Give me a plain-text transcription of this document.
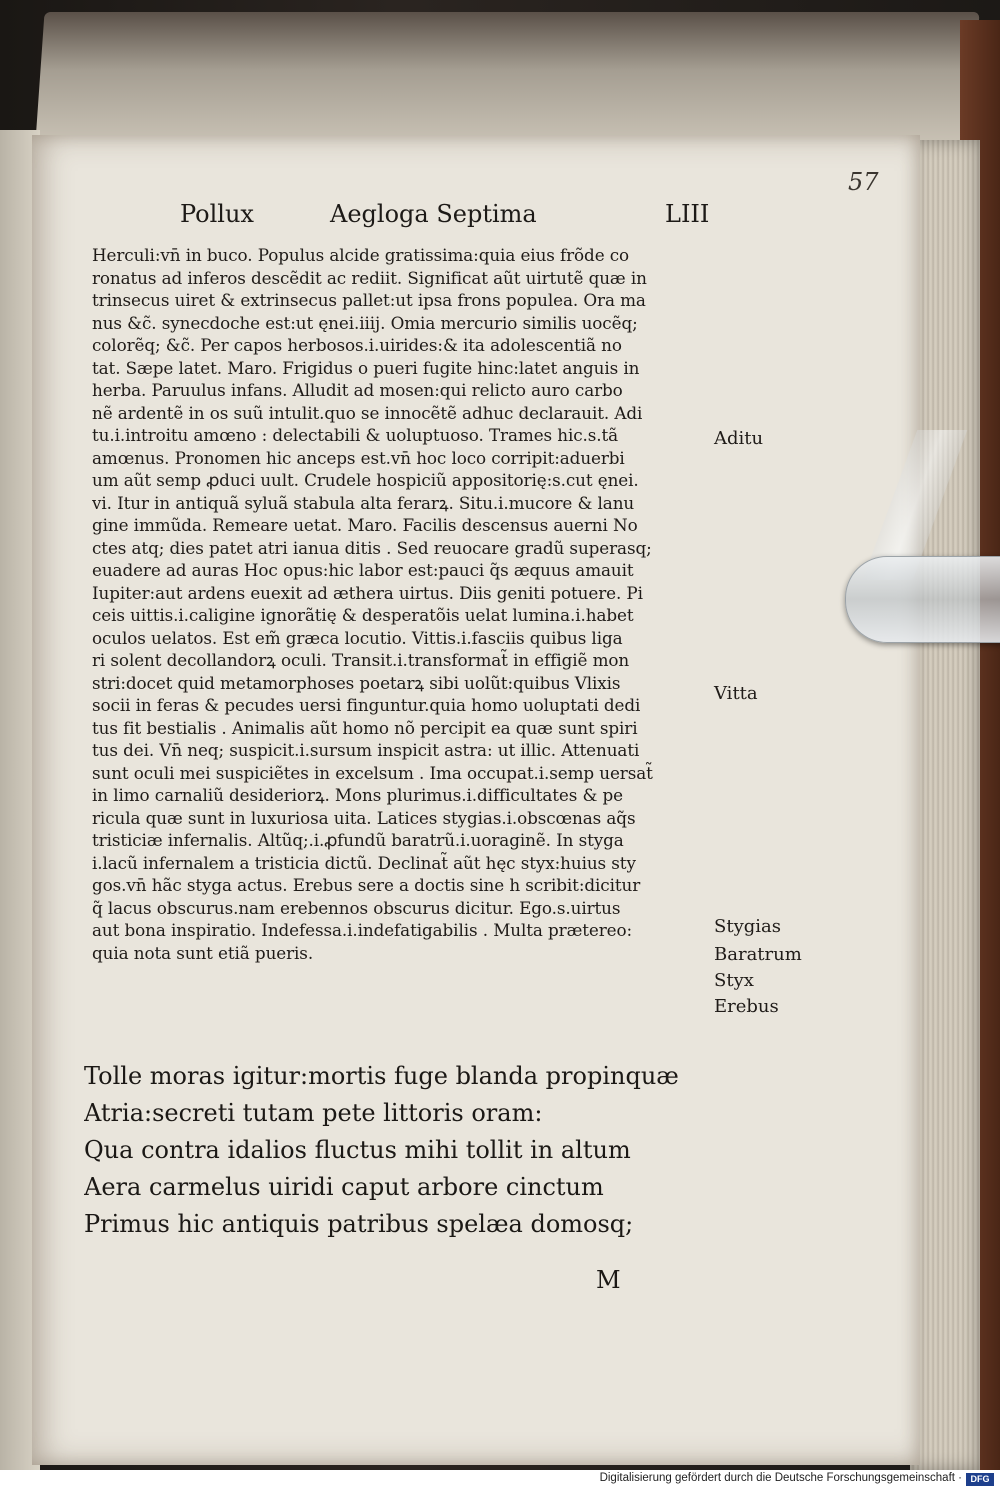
57
Pollux	Aegloga Septima	LIII
Herculi:vn̄ in buco. Populus alcide gratissima:quia eius frõde co
ronatus ad inferos descẽdit ac rediit. Significat aũt uirtutẽ quæ in
trinsecus uiret & extrinsecus pallet:ut ipsa frons populea. Ora ma
nus &c̃. synecdoche est:ut ęnei.iiij. Omia mercurio similis uocẽq;
colorẽq; &c̃. Per capos herbosos.i.uirides:& ita adolescentiã no
tat. Sæpe latet. Maro. Frigidus o pueri fugite hinc:latet anguis in
herba. Paruulus infans. Alludit ad mosen:qui relicto auro carbo
nẽ ardentẽ in os suũ intulit.quo se innocẽtẽ adhuc declarauit. Adi
tu.i.introitu amœno : delectabili & uoluptuoso. Trames hic.s.tã
amœnus. Pronomen hic anceps est.vn̄ hoc loco corripit:aduerbi
um aũt semp ꝓduci uult. Crudele hospiciũ appositorię:s.cut ęnei.
vi. Itur in antiquã syluã stabula alta ferarꝝ. Situ.i.mucore & lanu
gine immũda. Remeare uetat. Maro. Facilis descensus auerni No
ctes atq; dies patet atri ianua ditis . Sed reuocare gradũ superasq;
euadere ad auras Hoc opus:hic labor est:pauci q̃s æquus amauit
Iupiter:aut ardens euexit ad æthera uirtus. Diis geniti potuere. Pi
ceis uittis.i.caligine ignorãtię & desperatõis uelat lumina.i.habet
oculos uelatos. Est em̃ græca locutio. Vittis.i.fasciis quibus liga
ri solent decollandorꝝ oculi. Transit.i.transformat̃ in effigiẽ mon
stri:docet quid metamorphoses poetarꝝ sibi uolũt:quibus Vlixis
socii in feras & pecudes uersi finguntur.quia homo uoluptati dedi
tus fit bestialis . Animalis aũt homo nõ percipit ea quæ sunt spiri
tus dei. Vn̄ neq; suspicit.i.sursum inspicit astra: ut illic. Attenuati
sunt oculi mei suspiciẽtes in excelsum . Ima occupat.i.semp uersat̃
in limo carnaliũ desideriorꝝ. Mons plurimus.i.difficultates & pe
ricula quæ sunt in luxuriosa uita. Latices stygias.i.obscœnas aq̃s
tristiciæ infernalis. Altũq;.i.ꝓfundũ baratrũ.i.uoraginẽ. In styga
i.lacũ infernalem a tristicia dictũ. Declinat̃ aũt hęc styx:huius sty
gos.vn̄ hãc styga actus. Erebus sere a doctis sine h scribit:dicitur
q̃ lacus obscurus.nam erebennos obscurus dicitur. Ego.s.uirtus
aut bona inspiratio. Indefessa.i.indefatigabilis . Multa prætereo:
quia nota sunt etiã pueris.
Aditu
Vitta
Stygias
Baratrum
Styx
Erebus
Tolle moras igitur:mortis fuge blanda propinquæ
Atria:secreti tutam pete littoris oram:
Qua contra idalios fluctus mihi tollit in altum
Aera carmelus uiridi caput arbore cinctum
Primus hic antiquis patribus spelæa domosq;
M
Digitalisierung gefördert durch die Deutsche Forschungsgemeinschaft · DFG
